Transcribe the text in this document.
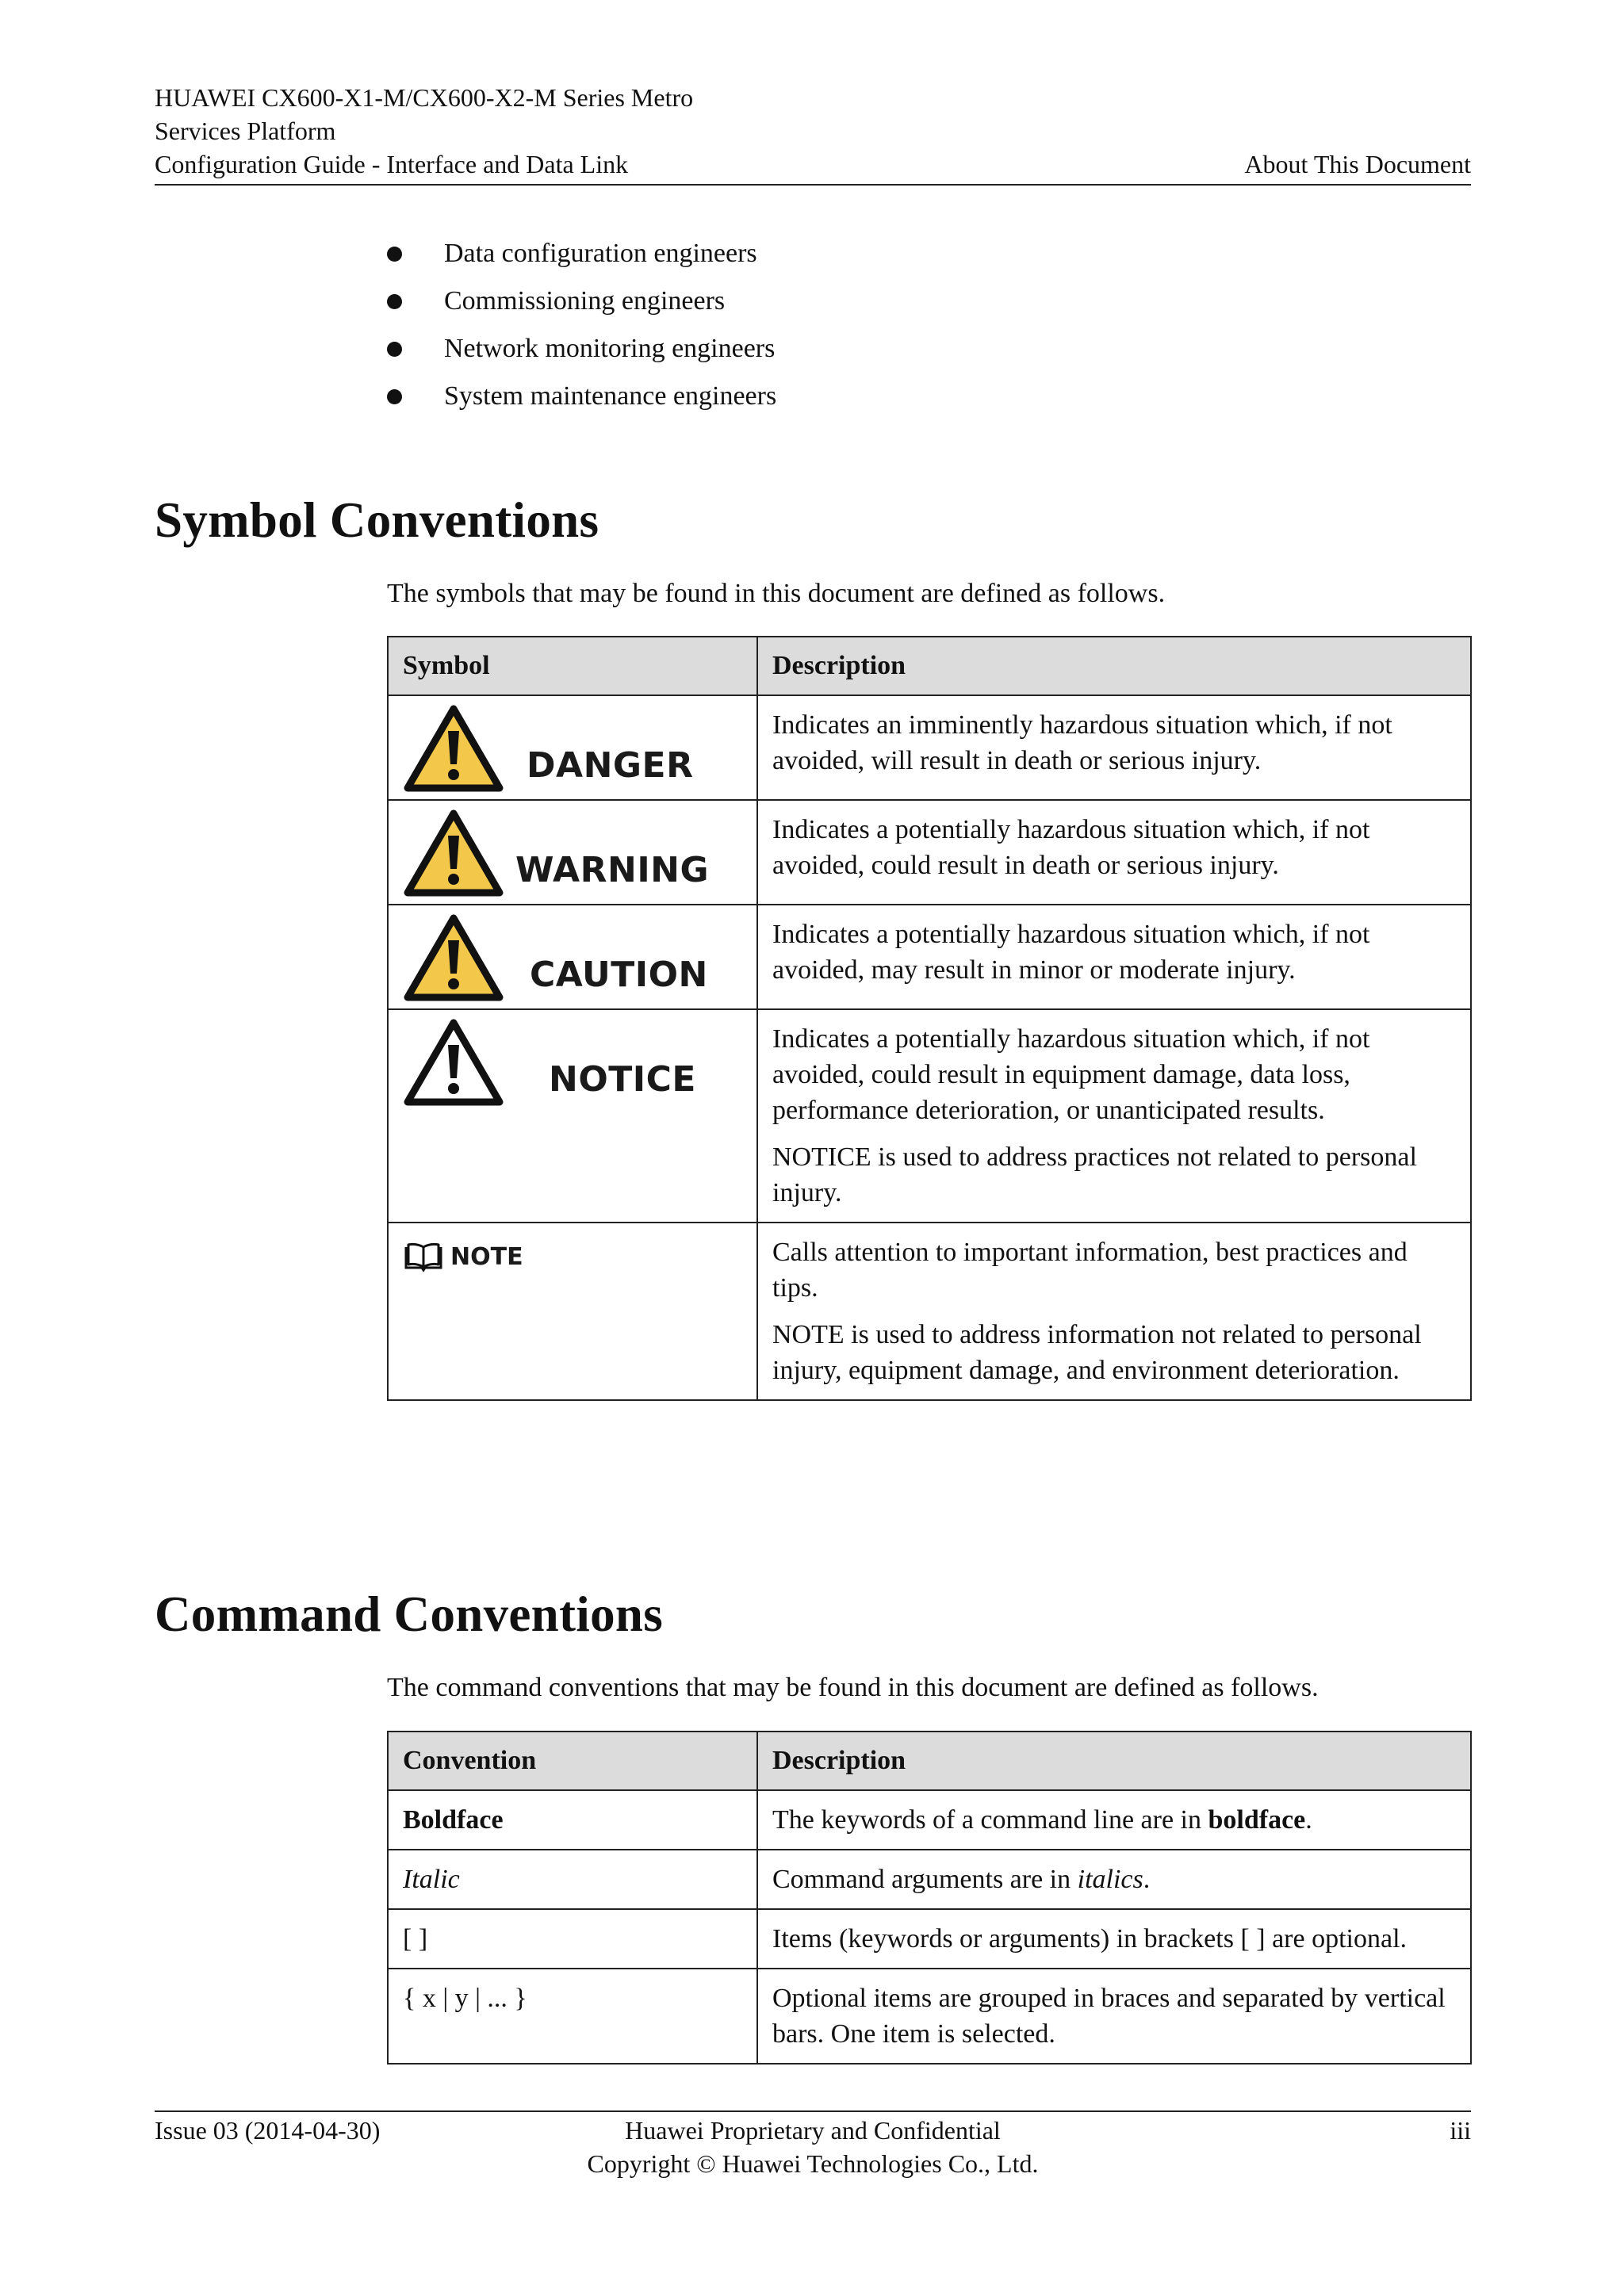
HUAWEI CX600-X1-M/CX600-X2-M Series Metro
Services Platform
Configuration Guide - Interface and Data Link	About This Document
Data configuration engineers
Commissioning engineers
Network monitoring engineers
System maintenance engineers
Symbol Conventions
The symbols that may be found in this document are defined as follows.
Symbol	Description

DANGER	Indicates an imminently hazardous situation which, if not avoided, will result in death or serious injury.

WARNING	Indicates a potentially hazardous situation which, if not avoided, could result in death or serious injury.

CAUTION	Indicates a potentially hazardous situation which, if not avoided, may result in minor or moderate injury.

NOTICE	Indicates a potentially hazardous situation which, if not avoided, could result in equipment damage, data loss, performance deterioration, or unanticipated results.

NOTICE is used to address practices not related to personal injury.

NOTE	Calls attention to important information, best practices and tips.

NOTE is used to address information not related to personal injury, equipment damage, and environment deterioration.

Command Conventions
The command conventions that may be found in this document are defined as follows.
Convention	Description
Boldface	The keywords of a command line are in boldface.
Italic	Command arguments are in italics.
[ ]	Items (keywords or arguments) in brackets [ ] are optional.
{ x | y | ... }	Optional items are grouped in braces and separated by vertical bars. One item is selected.
Issue 03 (2014-04-30)	Huawei Proprietary and Confidential
Copyright © Huawei Technologies Co., Ltd.
iii
